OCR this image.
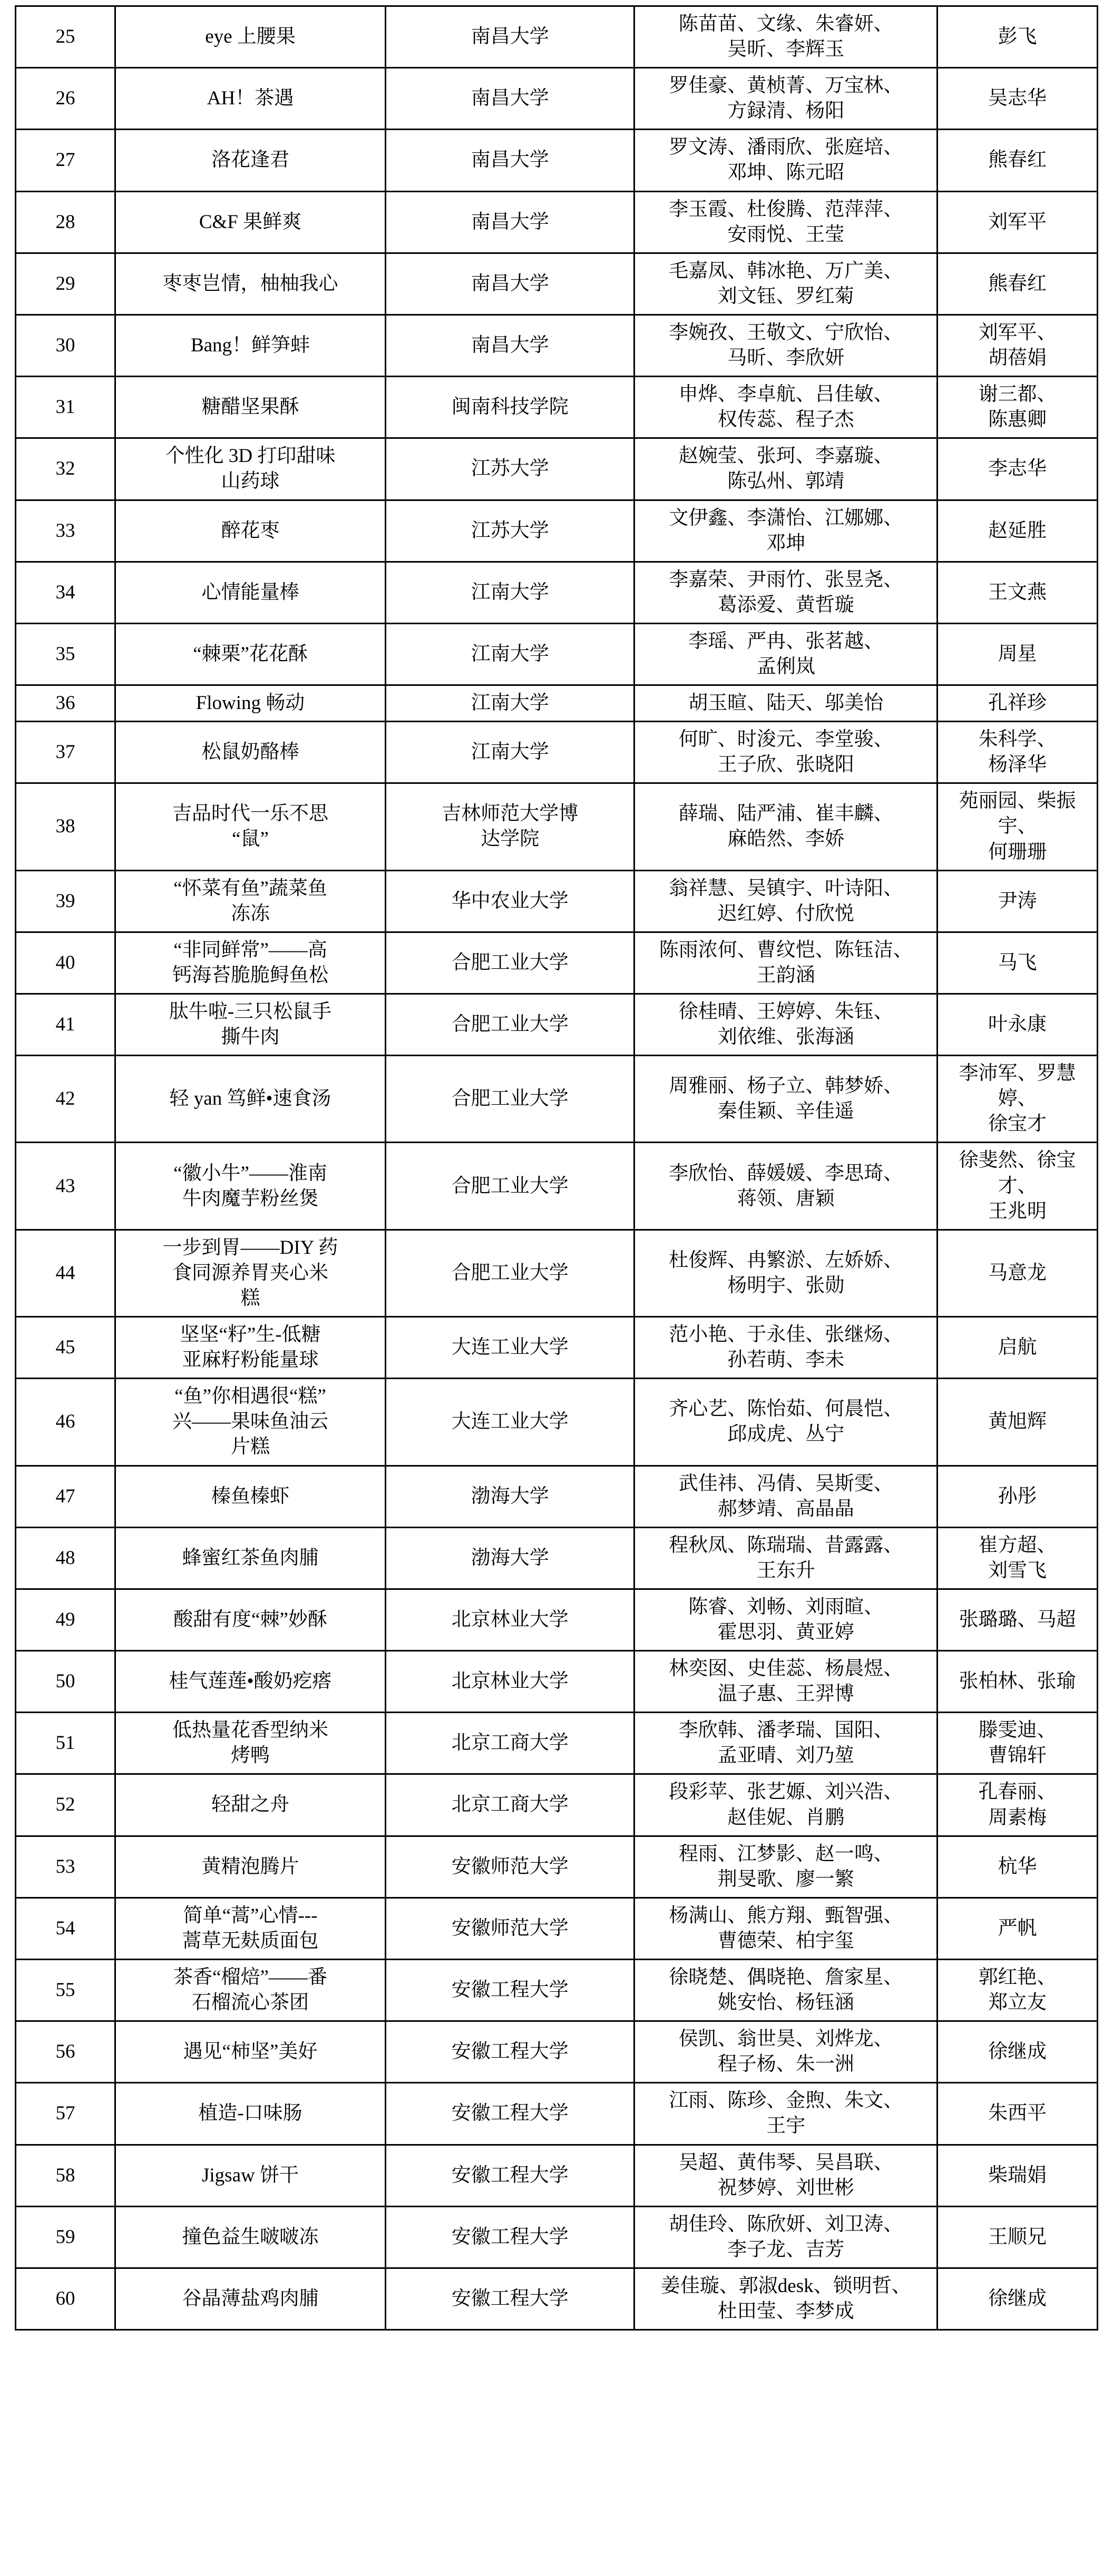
25	eye 上腰果	南昌大学	陈苗苗、文缘、朱睿妍、
吴昕、李辉玉	彭飞

26	AH！茶遇	南昌大学	罗佳豪、黄桢菁、万宝林、
方録清、杨阳	吴志华

27	洛花逢君	南昌大学	罗文涛、潘雨欣、张庭培、
邓坤、陈元昭	熊春红

28	C&F 果鲜爽	南昌大学	李玉霞、杜俊腾、范萍萍、
安雨悦、王莹	刘军平

29	枣枣岂情，柚柚我心	南昌大学	毛嘉凤、韩冰艳、万广美、
刘文钰、罗红菊	熊春红

30	Bang！鲜笋蚌	南昌大学	李婉孜、王敬文、宁欣怡、
马昕、李欣妍	刘军平、
胡蓓娟

31	糖醋坚果酥	闽南科技学院	申烨、李卓航、吕佳敏、
权传蕊、程子杰	谢三都、
陈惠卿

32	个性化 3D 打印甜味
山药球	江苏大学	赵婉莹、张珂、李嘉璇、
陈弘州、郭靖	李志华

33	醉花枣	江苏大学	文伊鑫、李潇怡、江娜娜、
邓坤	赵延胜

34	心情能量棒	江南大学	李嘉荣、尹雨竹、张昱尧、
葛添爱、黄哲璇	王文燕

35	“棘栗”花花酥	江南大学	李瑶、严冉、张茗越、
孟俐岚	周星

36	Flowing 畅动	江南大学	胡玉暄、陆天、邬美怡	孔祥珍

37	松鼠奶酪棒	江南大学	何旷、时浚元、李堂骏、
王子欣、张晓阳	朱科学、
杨泽华

38	吉品时代一乐不思
“鼠”	吉林师范大学博
达学院	薛瑞、陆严浦、崔丰麟、
麻皓然、李娇	苑丽园、柴振宇、
何珊珊

39	“怀菜有鱼”蔬菜鱼
冻冻	华中农业大学	翁祥慧、吴镇宇、叶诗阳、
迟红婷、付欣悦	尹涛

40	“非同鲜常”——高
钙海苔脆脆鲟鱼松	合肥工业大学	陈雨浓何、曹纹恺、陈钰洁、
王韵涵	马飞

41	肽牛啦-三只松鼠手
撕牛肉	合肥工业大学	徐桂晴、王婷婷、朱钰、
刘依维、张海涵	叶永康

42	轻 yan 笃鲜•速食汤	合肥工业大学	周雅丽、杨子立、韩梦娇、
秦佳颖、辛佳遥	李沛军、罗慧婷、
徐宝才

43	“徽小牛”——淮南
牛肉魔芋粉丝煲	合肥工业大学	李欣怡、薛媛媛、李思琦、
蒋领、唐颖	徐斐然、徐宝才、
王兆明

44	一步到胃——DIY 药
食同源养胃夹心米
糕	合肥工业大学	杜俊辉、冉繁淤、左娇娇、
杨明宇、张勋	马意龙

45	坚坚“籽”生-低糖
亚麻籽粉能量球	大连工业大学	范小艳、于永佳、张继炀、
孙若萌、李未	启航

46	“鱼”你相遇很“糕”
兴——果味鱼油云
片糕	大连工业大学	齐心艺、陈怡茹、何晨恺、
邱成虎、丛宁	黄旭辉

47	榛鱼榛虾	渤海大学	武佳祎、冯倩、吴斯雯、
郝梦靖、高晶晶	孙彤

48	蜂蜜红茶鱼肉脯	渤海大学	程秋凤、陈瑞瑞、昔露露、
王东升	崔方超、
刘雪飞

49	酸甜有度“棘”妙酥	北京林业大学	陈睿、刘畅、刘雨暄、
霍思羽、黄亚婷	张璐璐、马超

50	桂气莲莲•酸奶疙瘩	北京林业大学	林奕囡、史佳蕊、杨晨煜、
温子惠、王羿博	张柏林、张瑜

51	低热量花香型纳米
烤鸭	北京工商大学	李欣韩、潘孝瑞、国阳、
孟亚晴、刘乃堃	滕雯迪、
曹锦轩

52	轻甜之舟	北京工商大学	段彩苹、张艺嫄、刘兴浩、
赵佳妮、肖鹏	孔春丽、
周素梅

53	黄精泡腾片	安徽师范大学	程雨、江梦影、赵一鸣、
荆旻歌、廖一繁	杭华

54	简单“蒿”心情---
蒿草无麸质面包	安徽师范大学	杨满山、熊方翔、甄智强、
曹德荣、柏宇玺	严帆

55	茶香“榴焙”——番
石榴流心茶团	安徽工程大学	徐晓楚、偶晓艳、詹家星、
姚安怡、杨钰涵	郭红艳、
郑立友

56	遇见“柿坚”美好	安徽工程大学	侯凯、翁世昊、刘烨龙、
程子杨、朱一洲	徐继成

57	植造-口味肠	安徽工程大学	江雨、陈珍、金煦、朱文、
王宇	朱西平

58	Jigsaw 饼干	安徽工程大学	吴超、黄伟琴、吴昌联、
祝梦婷、刘世彬	柴瑞娟

59	撞色益生啵啵冻	安徽工程大学	胡佳玲、陈欣妍、刘卫涛、
李子龙、吉芳	王顺兄

60	谷晶薄盐鸡肉脯	安徽工程大学	姜佳璇、郭淑desk、锁明哲、
杜田莹、李梦成	徐继成
